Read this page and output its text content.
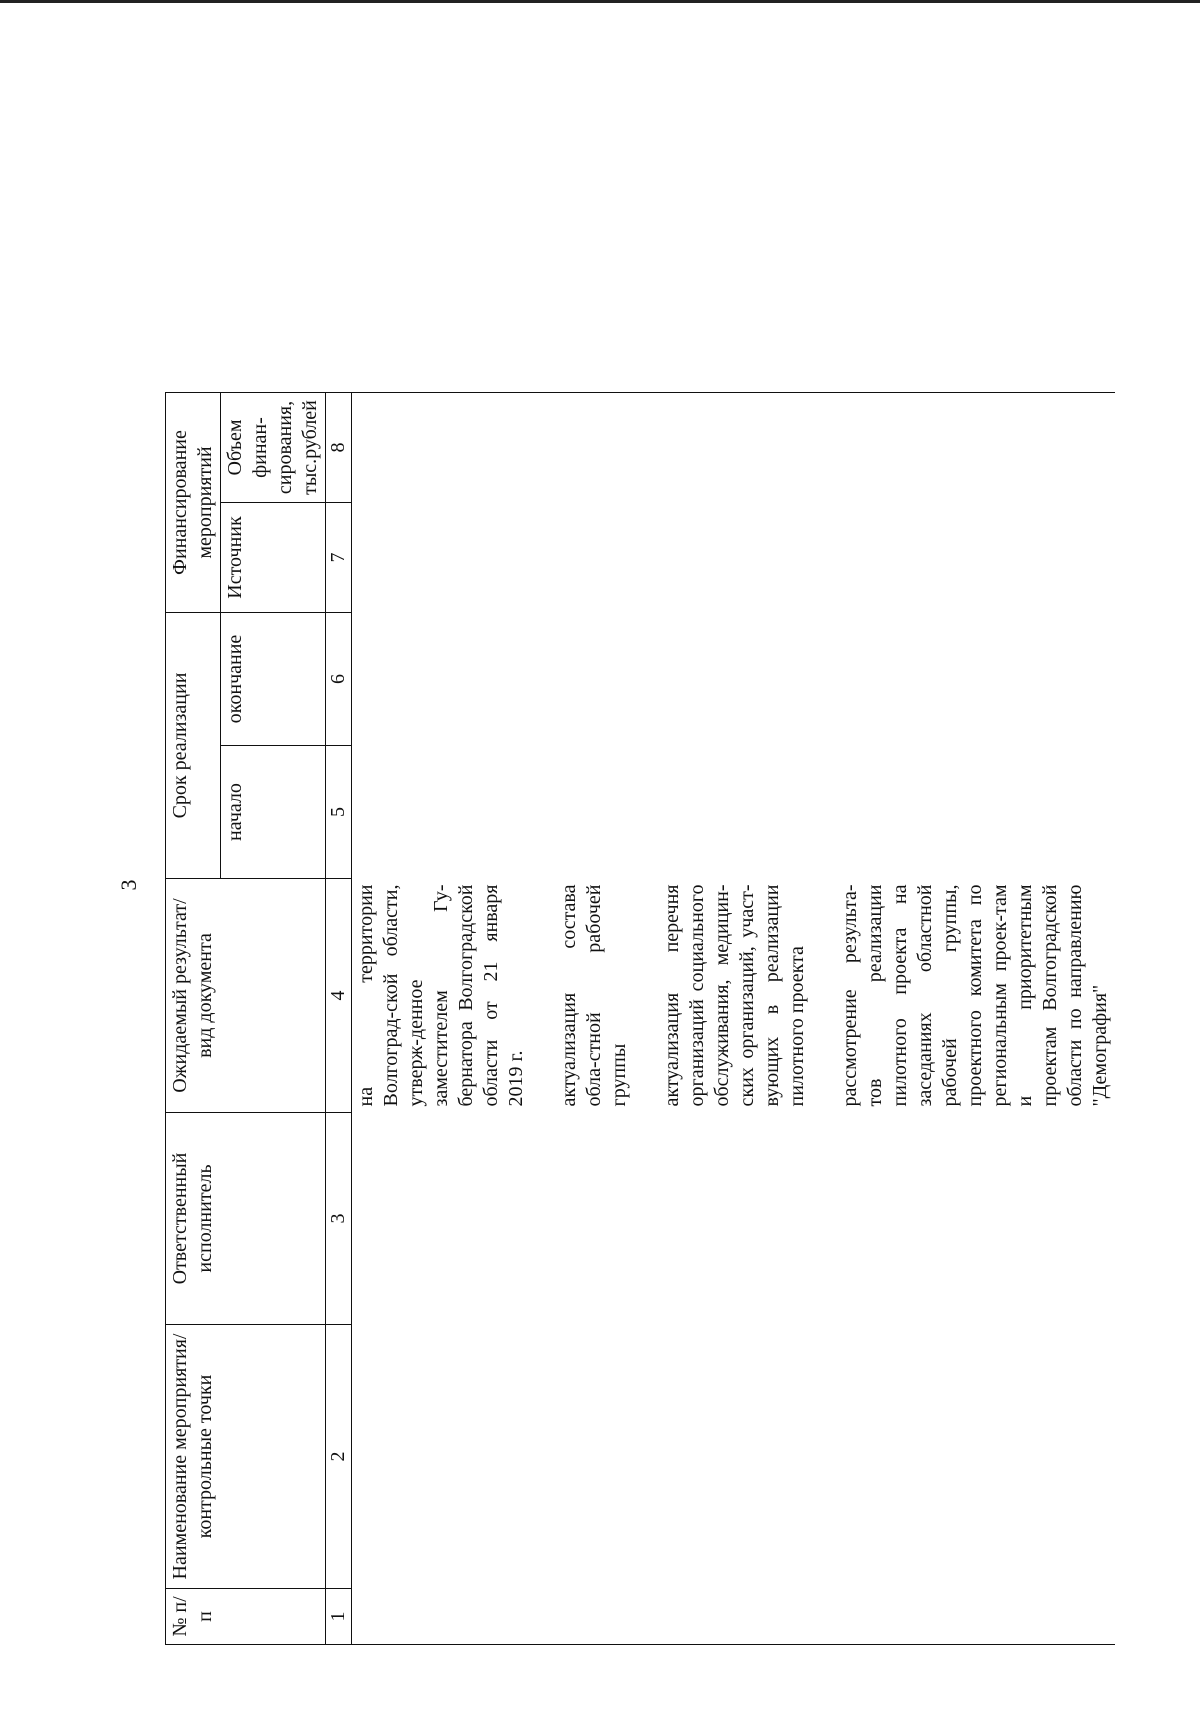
3
№ п/п	Наименование мероприятия/ контрольные точки	Ответственный исполнитель	Ожидаемый результат/ вид документа	Срок реализации		Финансирование мероприятий	
				начало	окончание	Источник	Объем финан-сирования, тыс.рублей
1	2	3	4	5	6	7	8

			на территории Волгоград-ской области, утверж-денное заместителем Гу-бернатора Волгоградской области от 21 января 2019 г. актуализация состава обла-стной рабочей группы актуализация перечня организаций социального обслуживания, медицин-ских организаций, участ-вующих в реализации пилотного проекта рассмотрение результа-тов реализации пилотного проекта на заседаниях областной рабочей группы, проектного комитета по региональным проек-там и приоритетным проектам Волгоградской области по направлению "Демография"				
